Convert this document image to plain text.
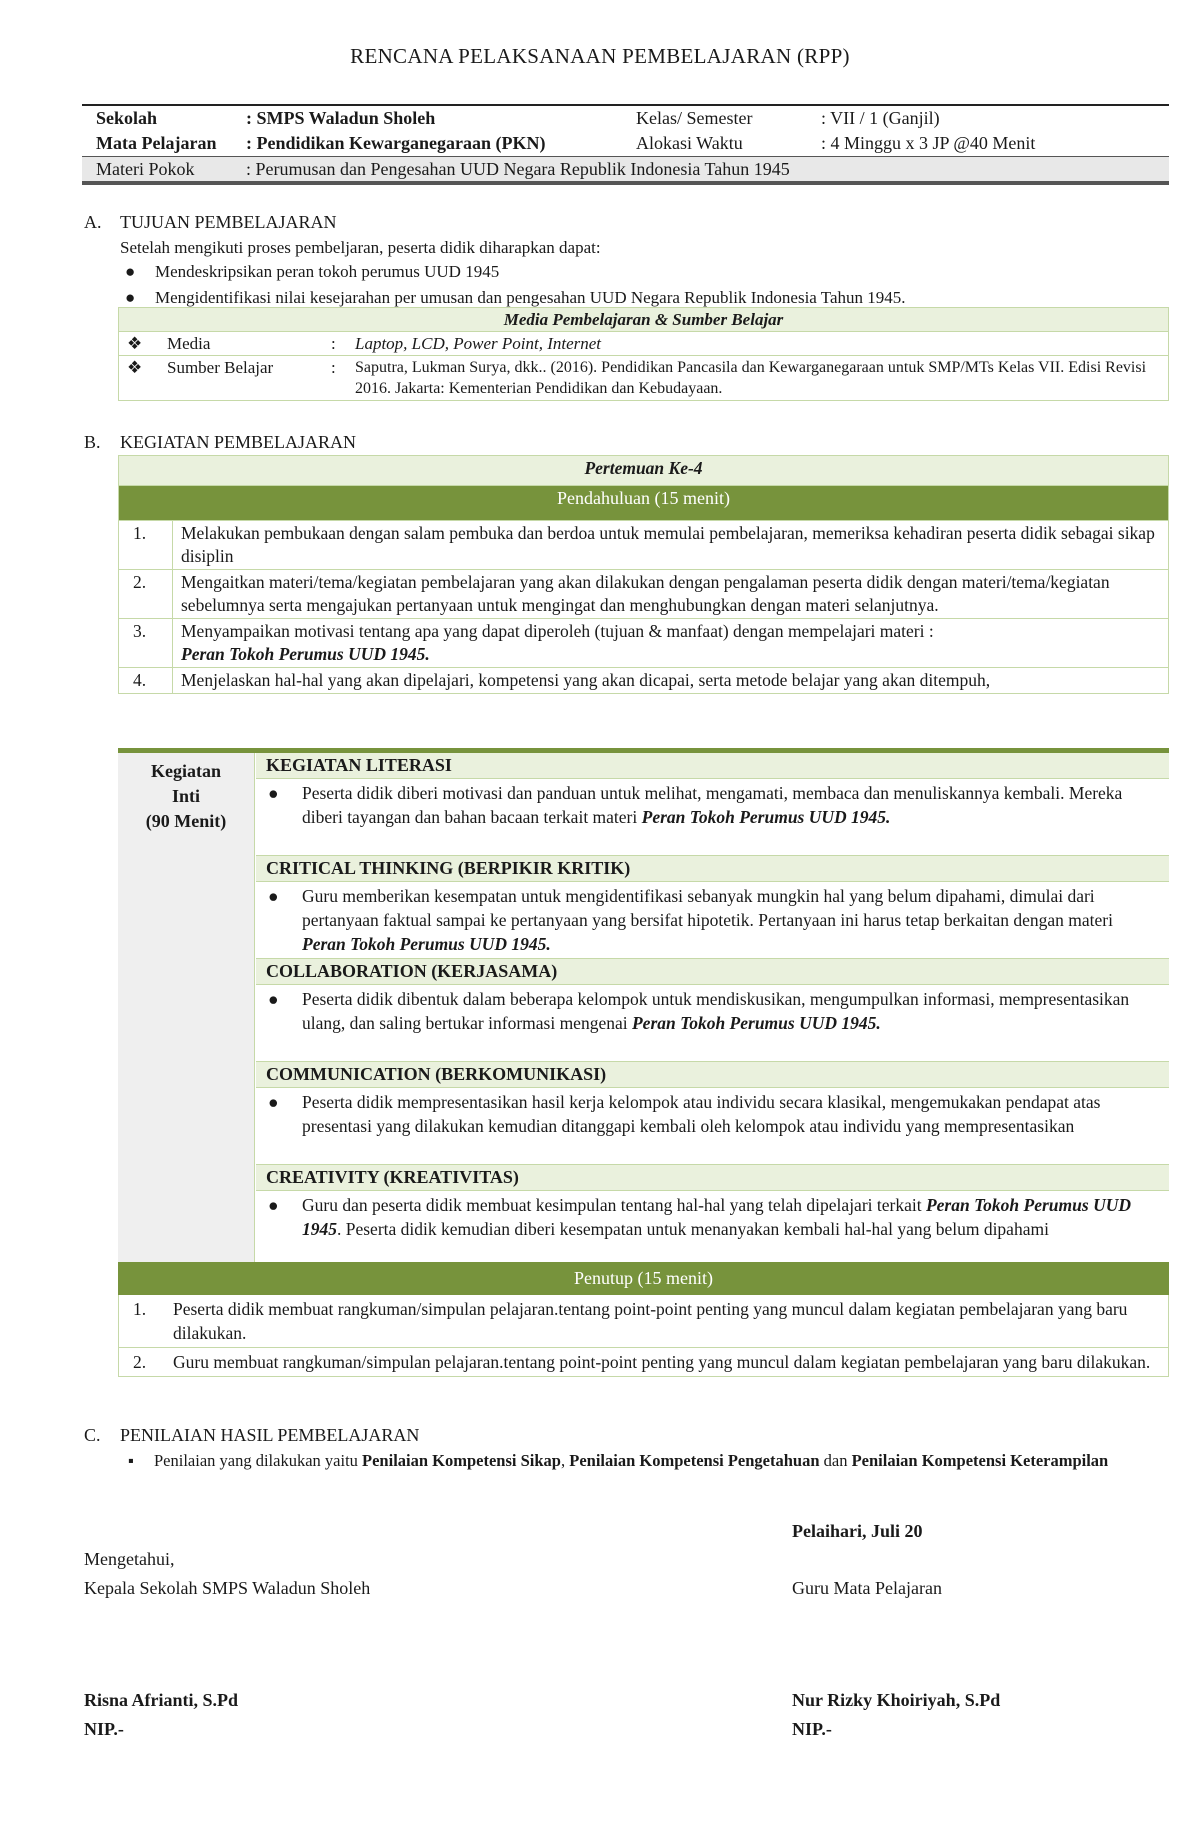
RENCANA PELAKSANAAN PEMBELAJARAN (RPP)
Sekolah	: SMPS Waladun Sholeh	Kelas/ Semester	: VII / 1 (Ganjil)
Mata Pelajaran	: Pendidikan Kewarganegaraan (PKN)	Alokasi Waktu	: 4 Minggu x 3 JP @40 Menit
Materi Pokok	: Perumusan dan Pengesahan UUD Negara Republik Indonesia Tahun 1945
A. TUJUAN PEMBELAJARAN
Setelah mengikuti proses pembeljaran, peserta didik diharapkan dapat:
● Mendeskripsikan peran tokoh perumus UUD 1945
● Mengidentifikasi nilai kesejarahan per umusan dan pengesahan UUD Negara Republik Indonesia Tahun 1945.
Media Pembelajaran & Sumber Belajar			
❖	Media	:	Laptop, LCD, Power Point, Internet
❖	Sumber Belajar	:	Saputra, Lukman Surya, dkk.. (2016). Pendidikan Pancasila dan Kewarganegaraan untuk SMP/MTs Kelas VII. Edisi Revisi 2016. Jakarta: Kementerian Pendidikan dan Kebudayaan.
B. KEGIATAN PEMBELAJARAN
Pertemuan Ke-4	
Pendahuluan (15 menit)	
1.	Melakukan pembukaan dengan salam pembuka dan berdoa untuk memulai pembelajaran, memeriksa kehadiran peserta didik sebagai sikap disiplin
2.	Mengaitkan materi/tema/kegiatan pembelajaran yang akan dilakukan dengan pengalaman peserta didik dengan materi/tema/kegiatan sebelumnya serta mengajukan pertanyaan untuk mengingat dan menghubungkan dengan materi selanjutnya.
3.	Menyampaikan motivasi tentang apa yang dapat diperoleh (tujuan & manfaat) dengan mempelajari materi :
Peran Tokoh Perumus UUD 1945.
4.	Menjelaskan hal-hal yang akan dipelajari, kompetensi yang akan dicapai, serta metode belajar yang akan ditempuh,
Kegiatan
Inti
(90 Menit)
KEGIATAN LITERASI
● Peserta didik diberi motivasi dan panduan untuk melihat, mengamati, membaca dan menuliskannya kembali. Mereka diberi tayangan dan bahan bacaan terkait materi Peran Tokoh Perumus UUD 1945.
CRITICAL THINKING (BERPIKIR KRITIK)
● Guru memberikan kesempatan untuk mengidentifikasi sebanyak mungkin hal yang belum dipahami, dimulai dari pertanyaan faktual sampai ke pertanyaan yang bersifat hipotetik. Pertanyaan ini harus tetap berkaitan dengan materi Peran Tokoh Perumus UUD 1945.
COLLABORATION (KERJASAMA)
● Peserta didik dibentuk dalam beberapa kelompok untuk mendiskusikan, mengumpulkan informasi, mempresentasikan ulang, dan saling bertukar informasi mengenai Peran Tokoh Perumus UUD 1945.
COMMUNICATION (BERKOMUNIKASI)
● Peserta didik mempresentasikan hasil kerja kelompok atau individu secara klasikal, mengemukakan pendapat atas presentasi yang dilakukan kemudian ditanggapi kembali oleh kelompok atau individu yang mempresentasikan
CREATIVITY (KREATIVITAS)
● Guru dan peserta didik membuat kesimpulan tentang hal-hal yang telah dipelajari terkait Peran Tokoh Perumus UUD 1945. Peserta didik kemudian diberi kesempatan untuk menanyakan kembali hal-hal yang belum dipahami
Penutup (15 menit)
1. Peserta didik membuat rangkuman/simpulan pelajaran.tentang point-point penting yang muncul dalam kegiatan pembelajaran yang baru dilakukan.
2. Guru membuat rangkuman/simpulan pelajaran.tentang point-point penting yang muncul dalam kegiatan pembelajaran yang baru dilakukan.
C. PENILAIAN HASIL PEMBELAJARAN
▪ Penilaian yang dilakukan yaitu Penilaian Kompetensi Sikap, Penilaian Kompetensi Pengetahuan dan Penilaian Kompetensi Keterampilan
Pelaihari, Juli 20
Mengetahui,
Kepala Sekolah SMPS Waladun Sholeh	Guru Mata Pelajaran
Risna Afrianti, S.Pd
NIP.-
Nur Rizky Khoiriyah, S.Pd
NIP.-
